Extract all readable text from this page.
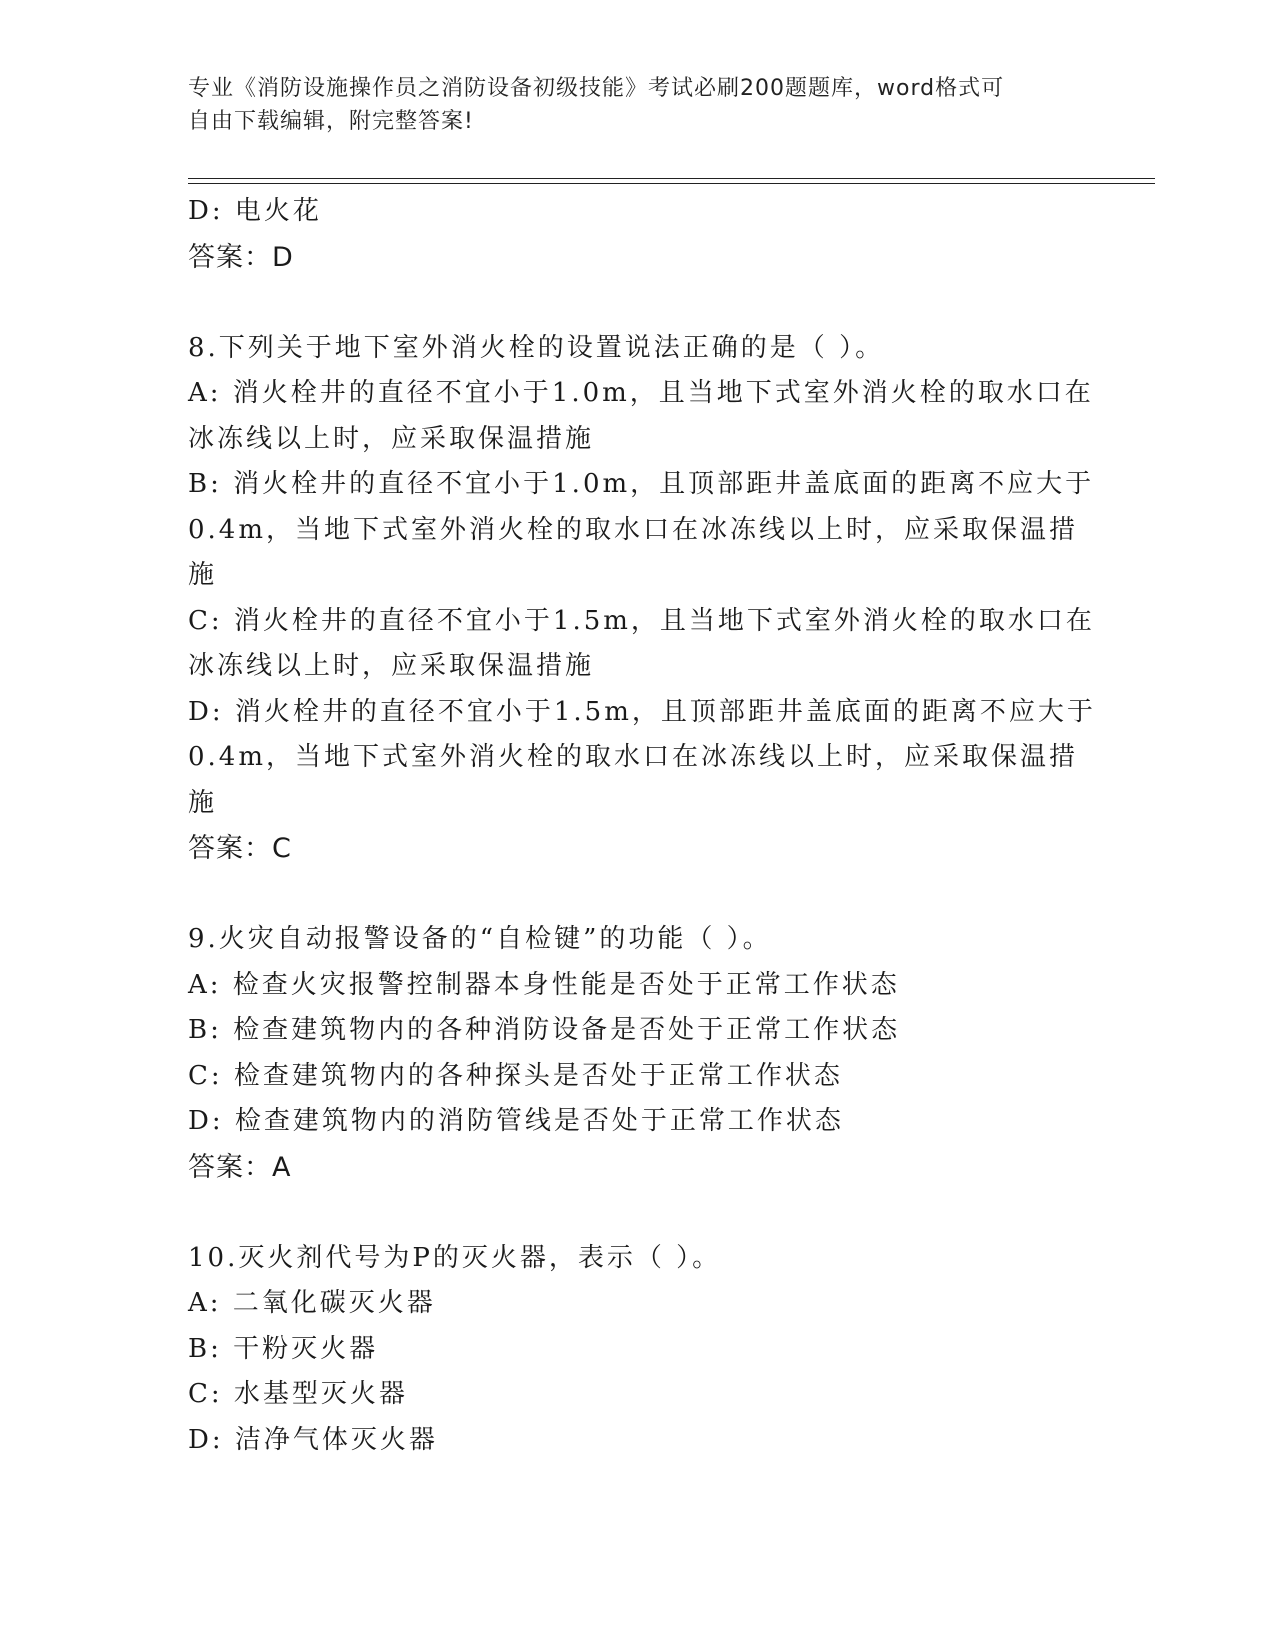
专业《消防设施操作员之消防设备初级技能》考试必刷200题题库，word格式可
自由下载编辑，附完整答案!
D: 电火花
答案：D
8.下列关于地下室外消火栓的设置说法正确的是（ ）。
A: 消火栓井的直径不宜小于1.0m，且当地下式室外消火栓的取水口在
冰冻线以上时，应采取保温措施
B: 消火栓井的直径不宜小于1.0m，且顶部距井盖底面的距离不应大于
0.4m，当地下式室外消火栓的取水口在冰冻线以上时，应采取保温措
施
C: 消火栓井的直径不宜小于1.5m，且当地下式室外消火栓的取水口在
冰冻线以上时，应采取保温措施
D: 消火栓井的直径不宜小于1.5m，且顶部距井盖底面的距离不应大于
0.4m，当地下式室外消火栓的取水口在冰冻线以上时，应采取保温措
施
答案：C
9.火灾自动报警设备的“自检键”的功能（ ）。
A: 检查火灾报警控制器本身性能是否处于正常工作状态
B: 检查建筑物内的各种消防设备是否处于正常工作状态
C: 检查建筑物内的各种探头是否处于正常工作状态
D: 检查建筑物内的消防管线是否处于正常工作状态
答案：A
10.灭火剂代号为P的灭火器，表示（ ）。
A: 二氧化碳灭火器
B: 干粉灭火器
C: 水基型灭火器
D: 洁净气体灭火器
